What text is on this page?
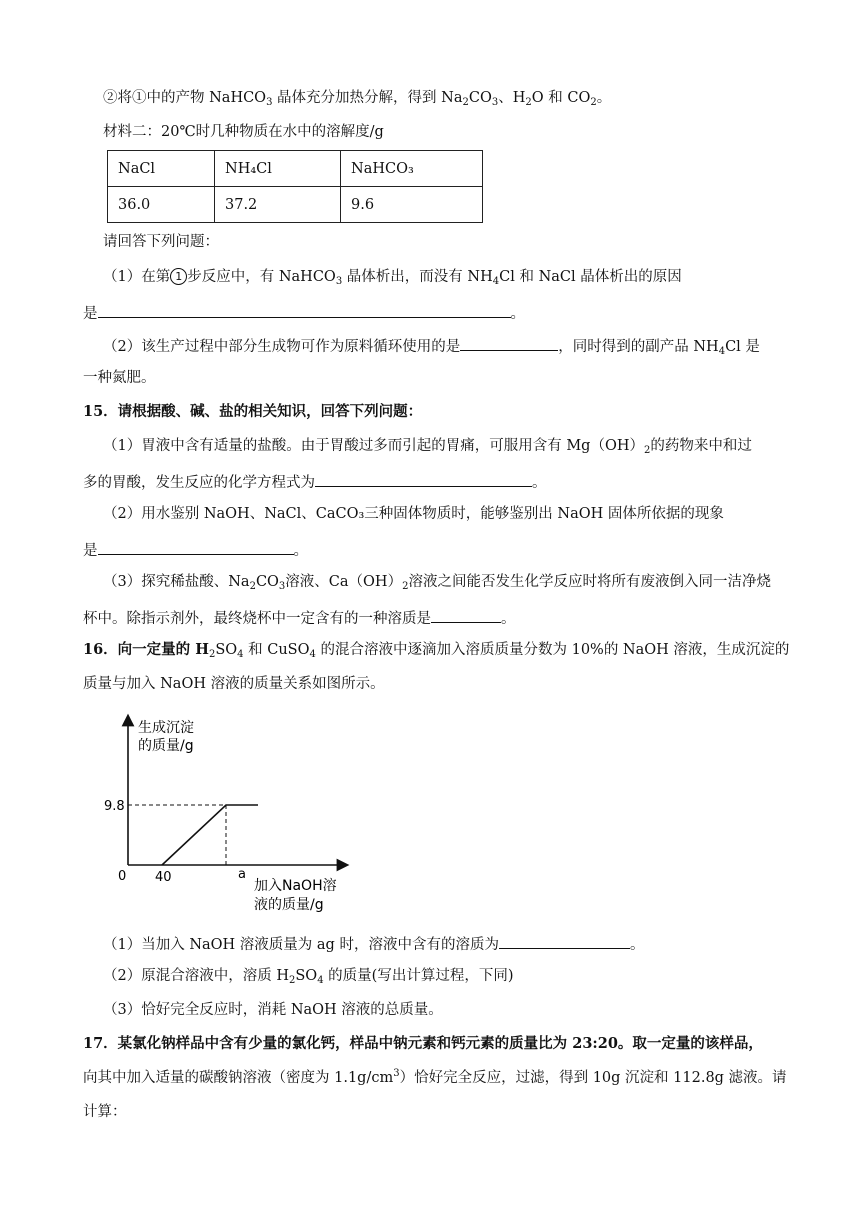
②将①中的产物 NaHCO$_3$ 晶体充分加热分解，得到 $Na_2CO_3$、$H_2O$ 和 $CO_2$。
材料二：20℃时几种物质在水中的溶解度/g
NaCl	NH₄Cl	NaHCO₃
36.0	37.2	9.6
请回答下列问题：
（1）在第 1 步反应中，有 NaHCO$_3$ 晶体析出，而没有 $NH_4Cl$ 和 NaCl 晶体析出的原因
是	。
（2）该生产过程中部分生成物可作为原料循环使用的是	，同时得到的副产品 $NH_4Cl$ 是
一种氮肥。
15．请根据酸、碱、盐的相关知识，回答下列问题：
（1）胃液中含有适量的盐酸。由于胃酸过多而引起的胃痛，可服用含有 $Mg(OH)_2$的药物来中和过
多的胃酸，发生反应的化学方程式为	。
（2）用水鉴别 NaOH、NaCl、CaCO₃三种固体物质时，能够鉴别出 NaOH 固体所依据的现象
是	。
（3）探究稀盐酸、$Na_2CO_3$溶液、$Ca(OH)_2$溶液之间能否发生化学反应时将所有废液倒入同一洁净烧
杯中。除指示剂外，最终烧杯中一定含有的一种溶质是	。
16．向一定量的 $H_2SO_4$ 和 CuSO$_4$ 的混合溶液中逐滴加入溶质质量分数为 10%的 NaOH 溶液，生成沉淀的
质量与加入 NaOH 溶液的质量关系如图所示。
生成沉淀
的质量/g
9.8
0 40	a
加入NaOH溶
液的质量/g
（1）当加入 NaOH 溶液质量为 ag 时，溶液中含有的溶质为	。
（2）原混合溶液中，溶质 $H_2SO_4$ 的质量(写出计算过程，下同)
（3）恰好完全反应时，消耗 NaOH 溶液的总质量。
17．某氯化钠样品中含有少量的氯化钙，样品中钠元素和钙元素的质量比为 23:20。取一定量的该样品，
向其中加入适量的碳酸钠溶液（密度为 $1.1g/cm^3$）恰好完全反应，过滤，得到 10g 沉淀和 112.8g 滤液。请
计算：
